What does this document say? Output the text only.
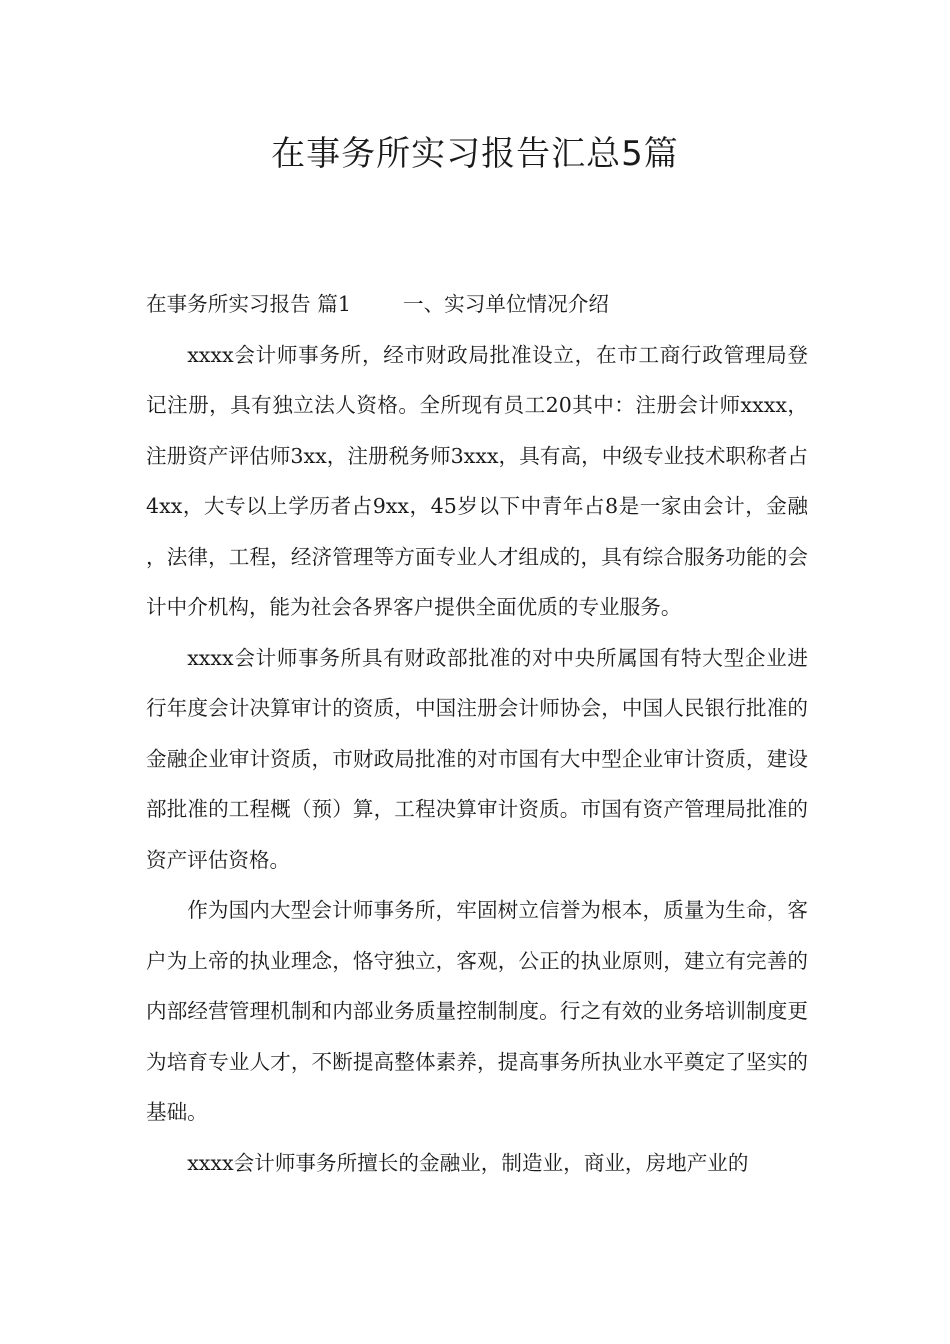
在事务所实习报告汇总5篇

在事务所实习报告 篇1	一、实习单位情况介绍

xxxx会计师事务所，经市财政局批准设立，在市工商行政管理局登记注册，具有独立法人资格。全所现有员工20其中：注册会计师xxxx，注册资产评估师3xx，注册税务师3xxx，具有高，中级专业技术职称者占4xx，大专以上学历者占9xx，45岁以下中青年占8是一家由会计，金融，法律，工程，经济管理等方面专业人才组成的，具有综合服务功能的会计中介机构，能为社会各界客户提供全面优质的专业服务。

xxxx会计师事务所具有财政部批准的对中央所属国有特大型企业进行年度会计决算审计的资质，中国注册会计师协会，中国人民银行批准的金融企业审计资质，市财政局批准的对市国有大中型企业审计资质，建设部批准的工程概（预）算，工程决算审计资质。市国有资产管理局批准的资产评估资格。

作为国内大型会计师事务所，牢固树立信誉为根本，质量为生命，客户为上帝的执业理念，恪守独立，客观，公正的执业原则，建立有完善的内部经营管理机制和内部业务质量控制制度。行之有效的业务培训制度更为培育专业人才，不断提高整体素养，提高事务所执业水平奠定了坚实的基础。

xxxx会计师事务所擅长的金融业，制造业，商业，房地产业的
